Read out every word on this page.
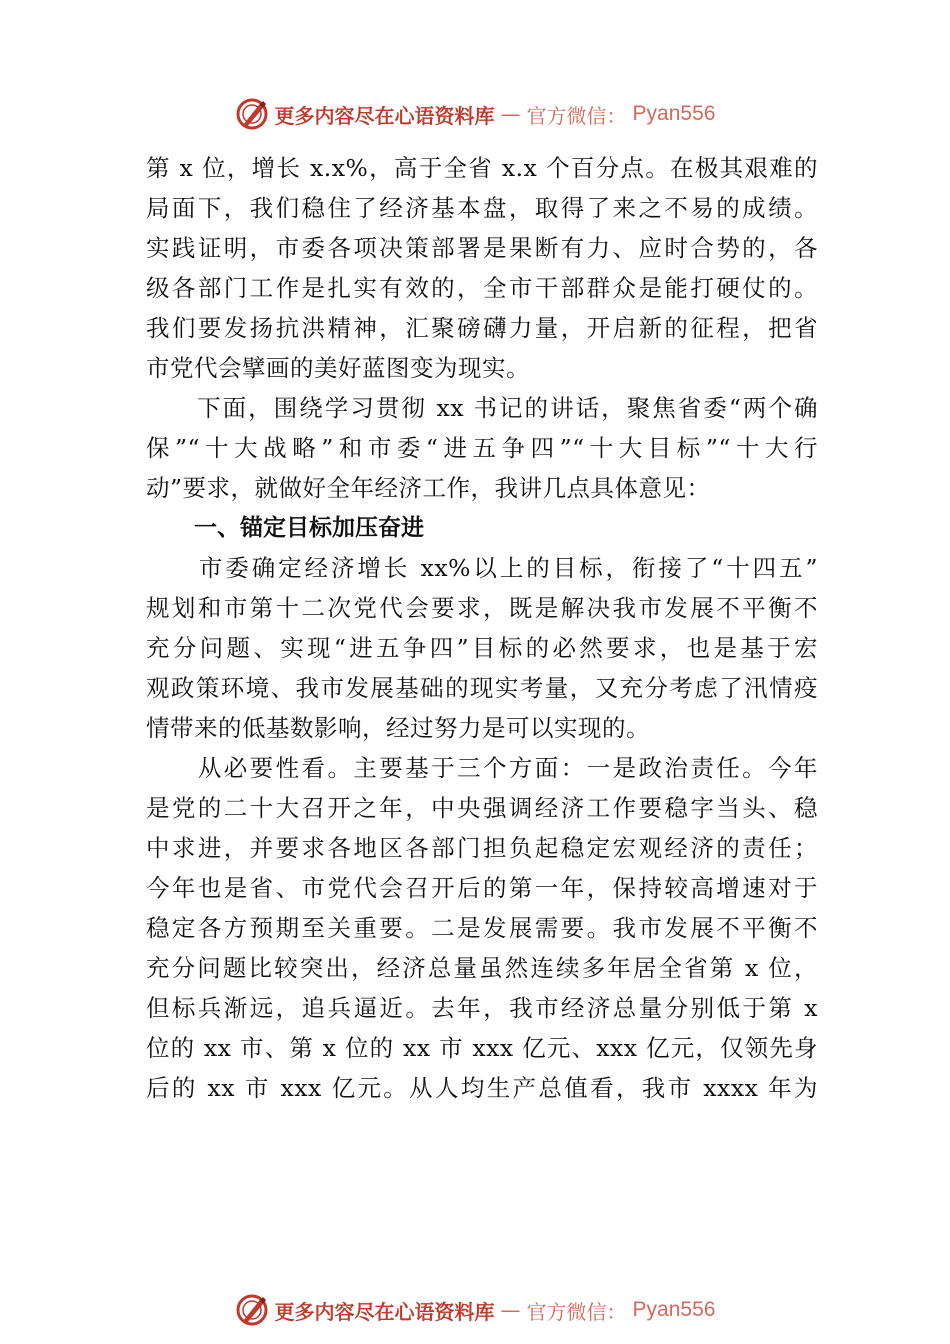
更多内容尽在心语资料库 — 官方微信： Pyan556
第 x 位，增长 x.x%，高于全省 x.x 个百分点。在极其艰难的
局面下，我们稳住了经济基本盘，取得了来之不易的成绩。
实践证明，市委各项决策部署是果断有力、应时合势的，各
级各部门工作是扎实有效的，全市干部群众是能打硬仗的。
我们要发扬抗洪精神，汇聚磅礴力量，开启新的征程，把省
市党代会擘画的美好蓝图变为现实。
　　下面，围绕学习贯彻 xx 书记的讲话，聚焦省委“两个确
保”“十大战略”和市委“进五争四”“十大目标”“十大行
动”要求，就做好全年经济工作，我讲几点具体意见：
一、锚定目标加压奋进
　　市委确定经济增长 xx%以上的目标，衔接了“十四五”
规划和市第十二次党代会要求，既是解决我市发展不平衡不
充分问题、实现“进五争四”目标的必然要求，也是基于宏
观政策环境、我市发展基础的现实考量，又充分考虑了汛情疫
情带来的低基数影响，经过努力是可以实现的。
　　从必要性看。主要基于三个方面：一是政治责任。今年
是党的二十大召开之年，中央强调经济工作要稳字当头、稳
中求进，并要求各地区各部门担负起稳定宏观经济的责任；
今年也是省、市党代会召开后的第一年，保持较高增速对于
稳定各方预期至关重要。二是发展需要。我市发展不平衡不
充分问题比较突出，经济总量虽然连续多年居全省第 x 位，
但标兵渐远，追兵逼近。去年，我市经济总量分别低于第 x
位的 xx 市、第 x 位的 xx 市 xxx 亿元、xxx 亿元，仅领先身
后的 xx 市 xxx 亿元。从人均生产总值看，我市 xxxx 年为
更多内容尽在心语资料库 — 官方微信： Pyan556
